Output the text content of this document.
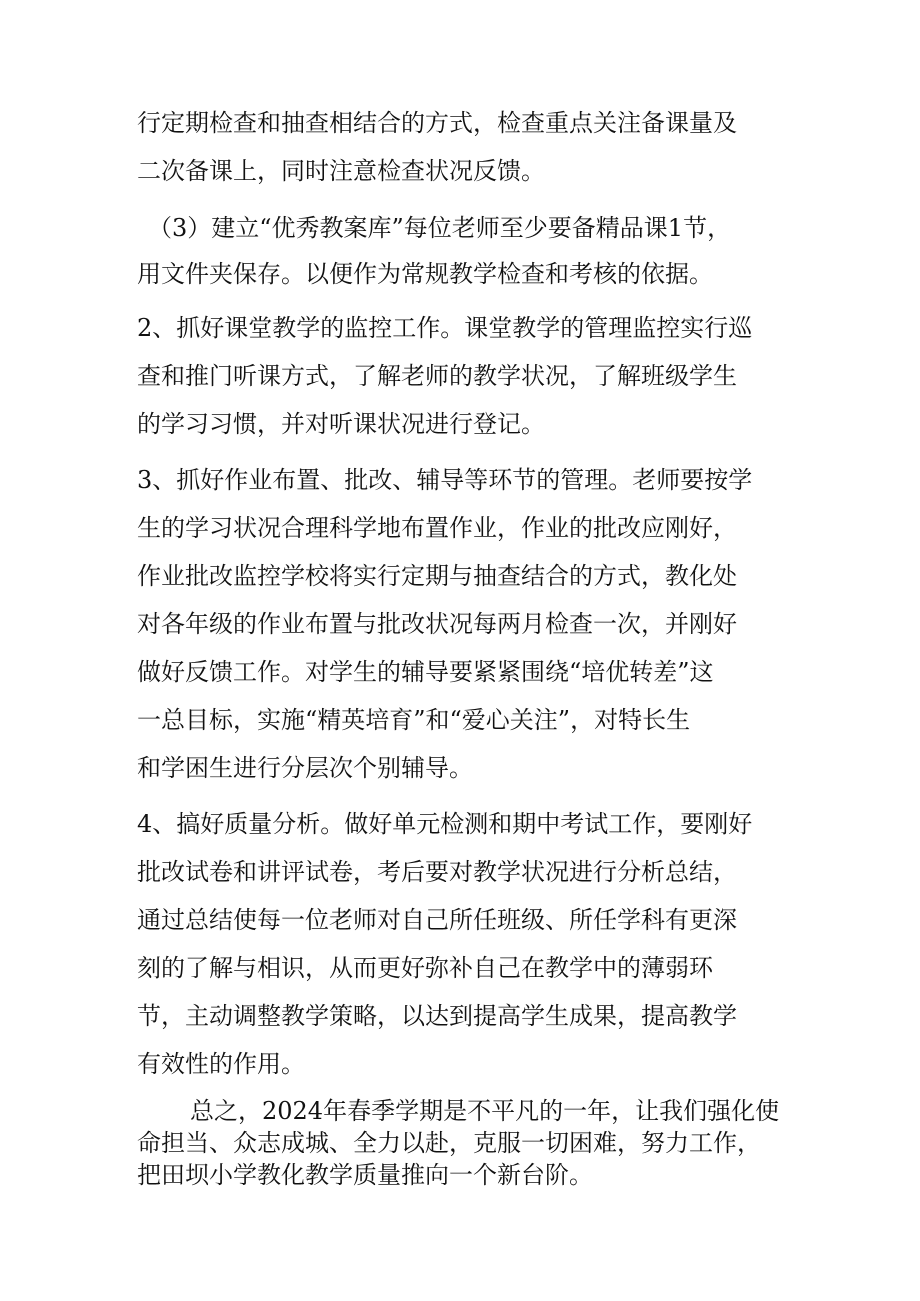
行定期检查和抽查相结合的方式，检查重点关注备课量及
二次备课上，同时注意检查状况反馈。
（3）建立“优秀教案库”每位老师至少要备精品课1节，
用文件夹保存。以便作为常规教学检查和考核的依据。
2、抓好课堂教学的监控工作。课堂教学的管理监控实行巡
查和推门听课方式，了解老师的教学状况，了解班级学生
的学习习惯，并对听课状况进行登记。
3、抓好作业布置、批改、辅导等环节的管理。老师要按学
生的学习状况合理科学地布置作业，作业的批改应刚好，
作业批改监控学校将实行定期与抽查结合的方式，教化处
对各年级的作业布置与批改状况每两月检查一次，并刚好
做好反馈工作。对学生的辅导要紧紧围绕“培优转差”这
一总目标，实施“精英培育”和“爱心关注”，对特长生
和学困生进行分层次个别辅导。
4、搞好质量分析。做好单元检测和期中考试工作，要刚好
批改试卷和讲评试卷，考后要对教学状况进行分析总结，
通过总结使每一位老师对自己所任班级、所任学科有更深
刻的了解与相识，从而更好弥补自己在教学中的薄弱环
节，主动调整教学策略，以达到提高学生成果，提高教学
有效性的作用。
总之，2024年春季学期是不平凡的一年，让我们强化使
命担当、众志成城、全力以赴，克服一切困难，努力工作，
把田坝小学教化教学质量推向一个新台阶。
